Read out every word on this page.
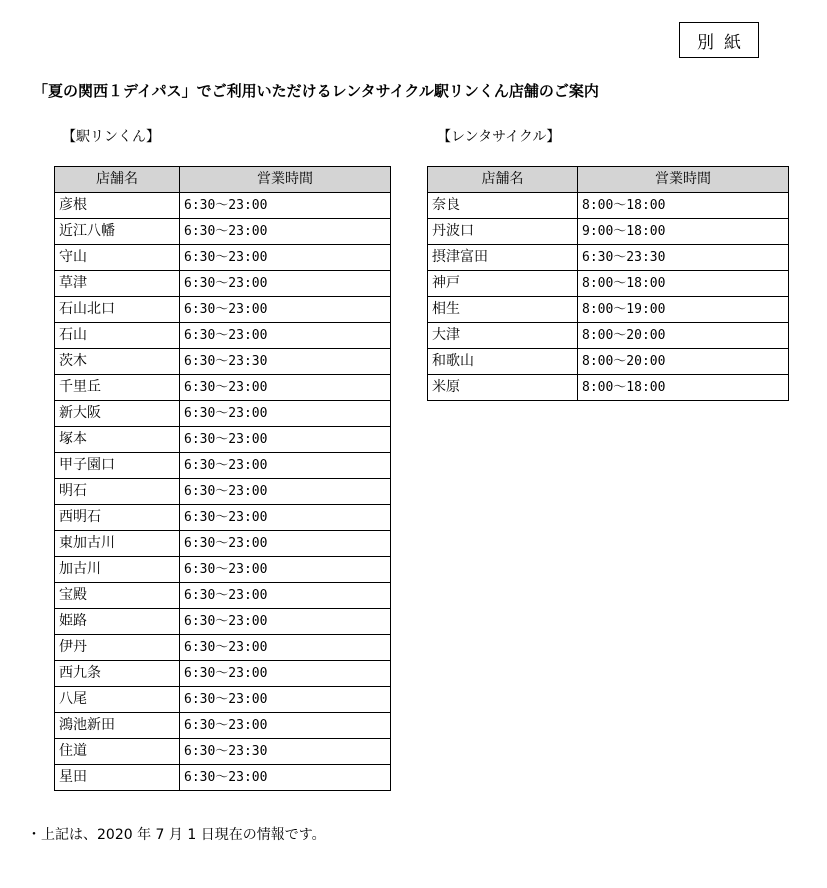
別紙
「夏の関西１デイパス」でご利用いただけるレンタサイクル駅リンくん店舗のご案内
【駅リンくん】	【レンタサイクル】
店舗名	営業時間
彦根	6:30～23:00
近江八幡	6:30～23:00
守山	6:30～23:00
草津	6:30～23:00
石山北口	6:30～23:00
石山	6:30～23:00
茨木	6:30～23:30
千里丘	6:30～23:00
新大阪	6:30～23:00
塚本	6:30～23:00
甲子園口	6:30～23:00
明石	6:30～23:00
西明石	6:30～23:00
東加古川	6:30～23:00
加古川	6:30～23:00
宝殿	6:30～23:00
姫路	6:30～23:00
伊丹	6:30～23:00
西九条	6:30～23:00
八尾	6:30～23:00
鴻池新田	6:30～23:00
住道	6:30～23:30
星田	6:30～23:00
店舗名	営業時間
奈良	8:00～18:00
丹波口	9:00～18:00
摂津富田	6:30～23:30
神戸	8:00～18:00
相生	8:00～19:00
大津	8:00～20:00
和歌山	8:00～20:00
米原	8:00～18:00
・上記は、2020 年 7 月 1 日現在の情報です。
